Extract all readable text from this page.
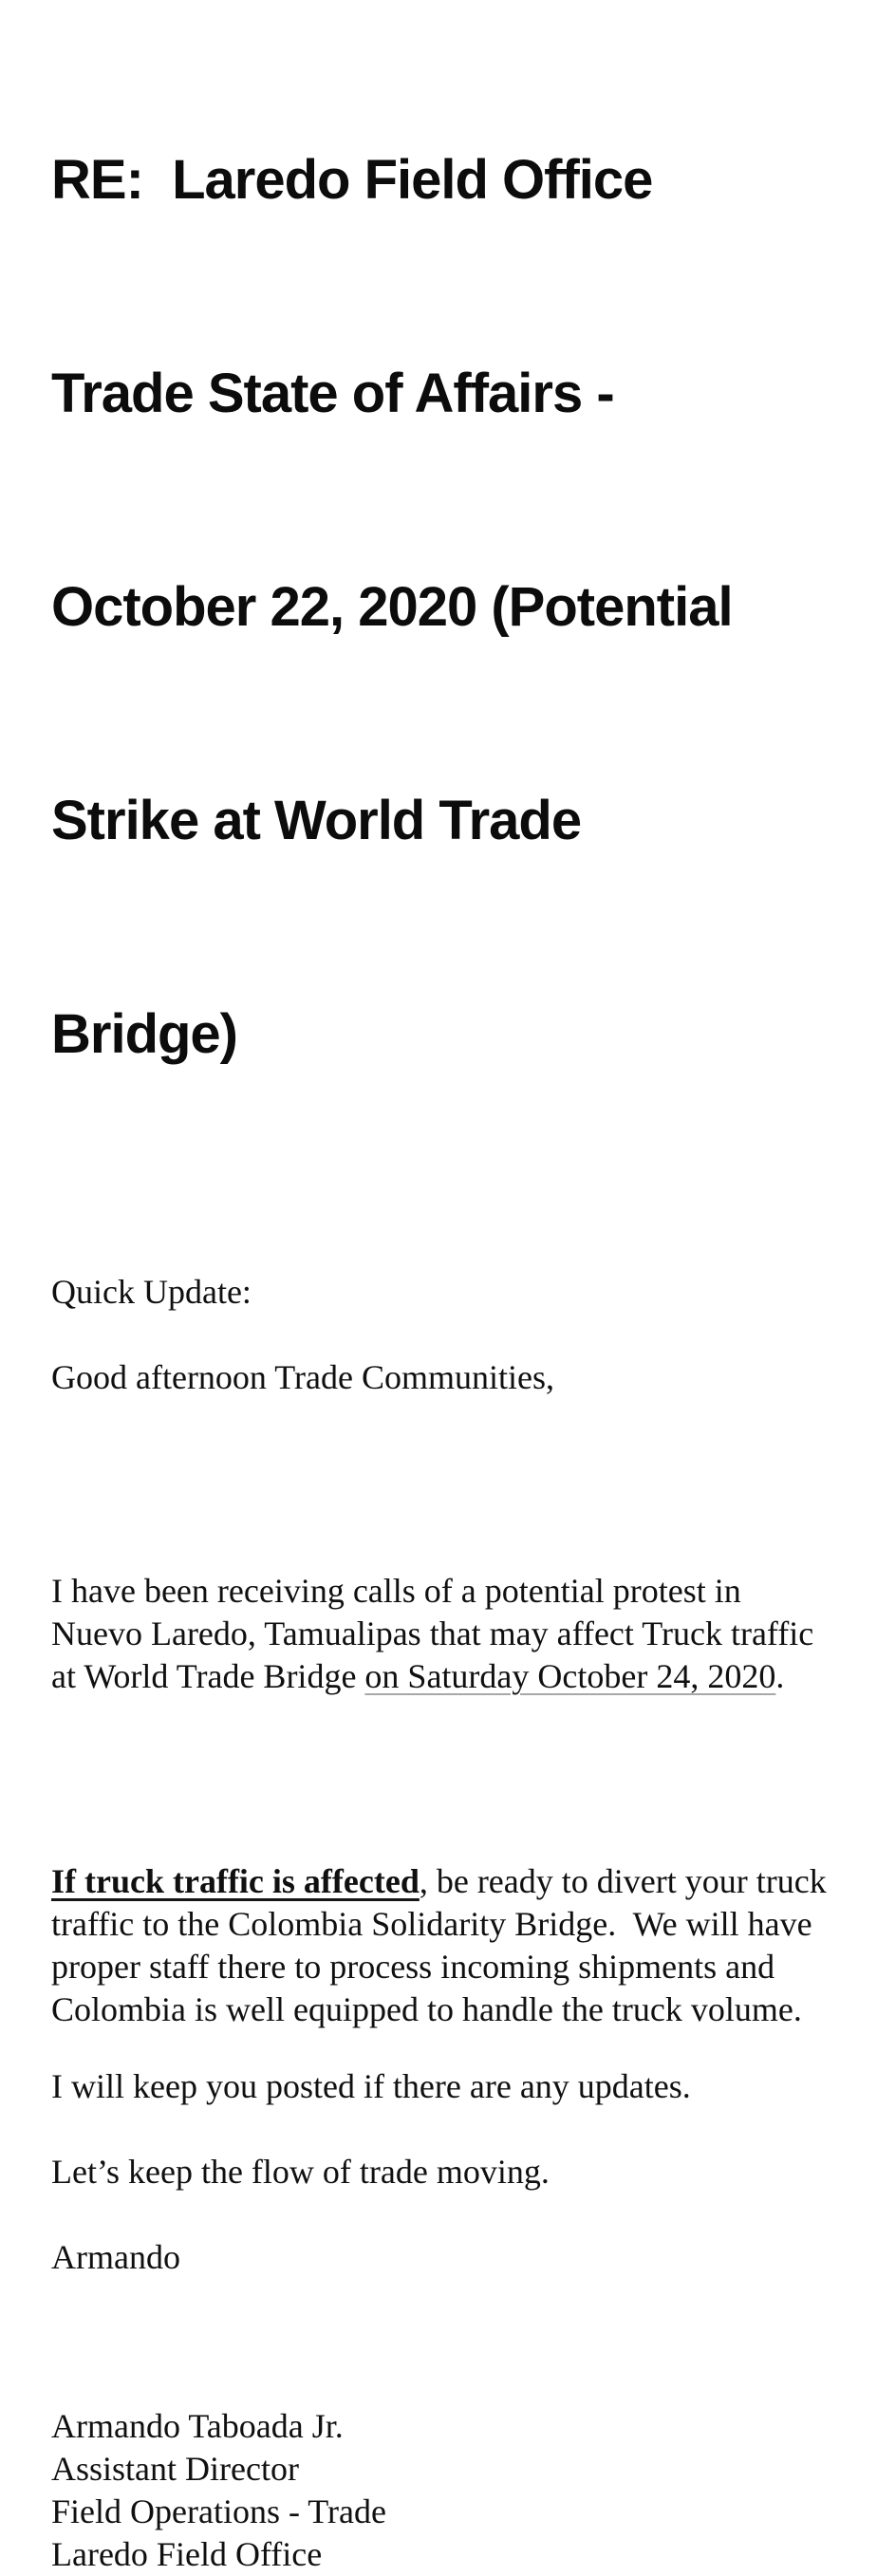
RE:  Laredo Field Office

Trade State of Affairs -

October 22, 2020 (Potential

Strike at World Trade

Bridge)

Quick Update:

Good afternoon Trade Communities,

I have been receiving calls of a potential protest in
Nuevo Laredo, Tamualipas that may affect Truck traffic
at World Trade Bridge on Saturday October 24, 2020.

If truck traffic is affected, be ready to divert your truck
traffic to the Colombia Solidarity Bridge.  We will have
proper staff there to process incoming shipments and
Colombia is well equipped to handle the truck volume.

I will keep you posted if there are any updates.

Let’s keep the flow of trade moving.

Armando

Armando Taboada Jr.
Assistant Director
Field Operations - Trade
Laredo Field Office
